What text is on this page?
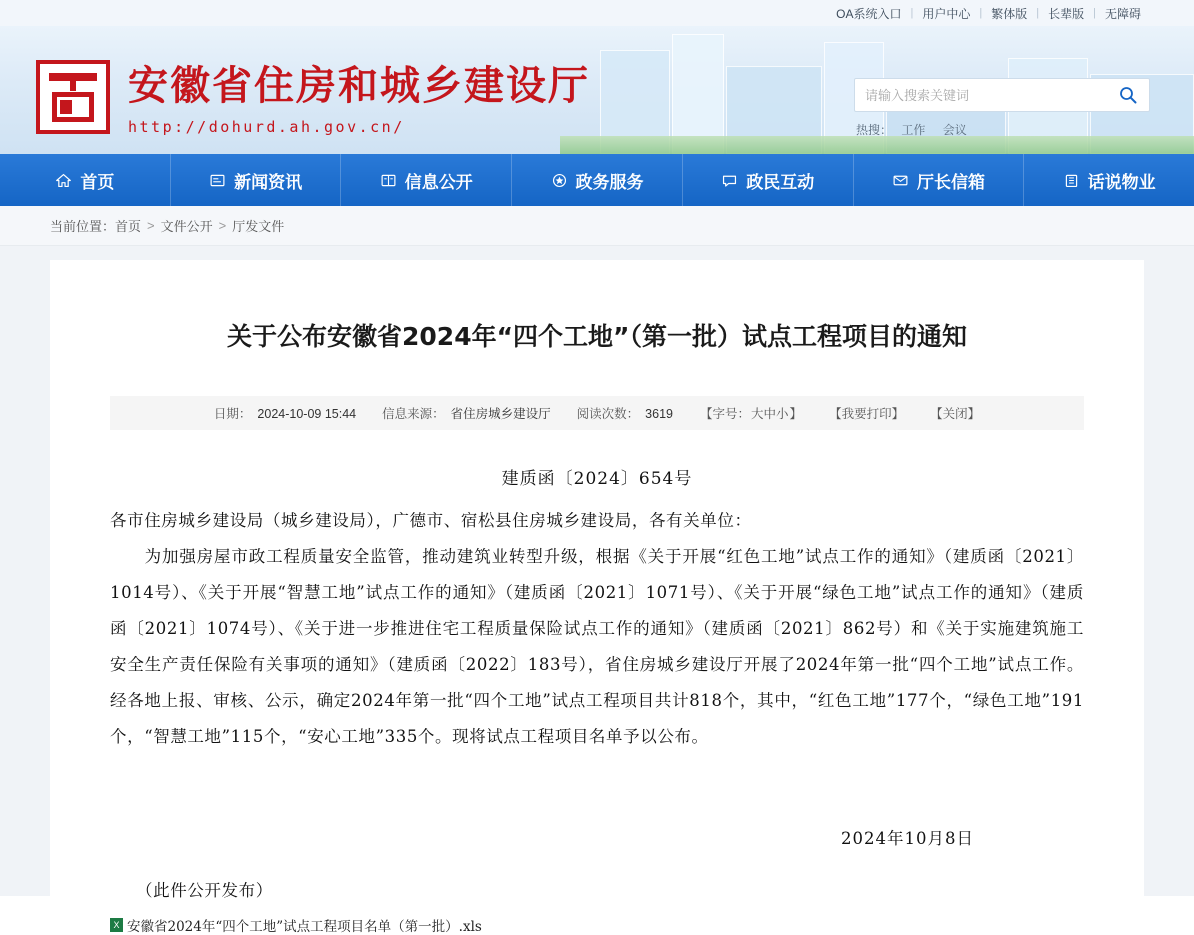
OA系统入口 | 用户中心 | 繁体版 | 长辈版 | 无障碍
安徽省住房和城乡建设厅
http://dohurd.ah.gov.cn/
请输入搜索关键词	热搜： 工作 会议
首页	新闻资讯	信息公开	政务服务	政民互动	厅长信箱	话说物业
当前位置： 首页 > 文件公开 > 厅发文件
关于公布安徽省2024年“四个工地”（第一批）试点工程项目的通知
日期： 2024-10-09 15:44 信息来源： 省住房城乡建设厅 阅读次数： 3619 【字号：大中小】 【我要打印】 【关闭】
建质函〔2024〕654号

各市住房城乡建设局（城乡建设局），广德市、宿松县住房城乡建设局，各有关单位：

为加强房屋市政工程质量安全监管，推动建筑业转型升级，根据《关于开展“红色工地”试点工作的通知》（建质函〔2021〕1014号）、《关于开展“智慧工地”试点工作的通知》（建质函〔2021〕1071号）、《关于开展“绿色工地”试点工作的通知》（建质函〔2021〕1074号）、《关于进一步推进住宅工程质量保险试点工作的通知》（建质函〔2021〕862号）和《关于实施建筑施工安全生产责任保险有关事项的通知》（建质函〔2022〕183号），省住房城乡建设厅开展了2024年第一批“四个工地”试点工作。经各地上报、审核、公示，确定2024年第一批“四个工地”试点工程项目共计818个，其中，“红色工地”177个，“绿色工地”191个，“智慧工地”115个，“安心工地”335个。现将试点工程项目名单予以公布。

2024年10月8日
（此件公开发布）
X 安徽省2024年“四个工地”试点工程项目名单（第一批）.xls
